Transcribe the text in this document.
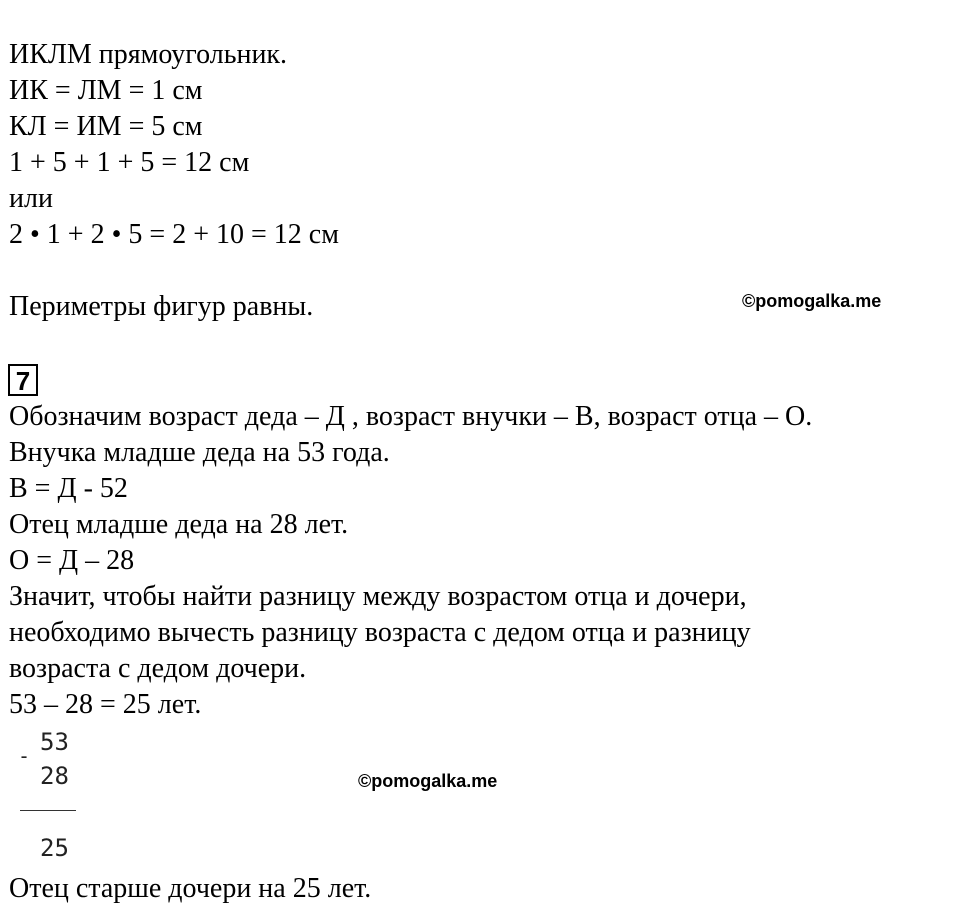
ИКЛМ прямоугольник.
ИК = ЛМ = 1 см
КЛ = ИМ = 5 см
1 + 5 + 1 + 5 = 12 см
или
2 • 1 + 2 • 5 = 2 + 10 = 12 см
Периметры фигур равны.	©pomogalka.me
7
Обозначим возраст деда – Д , возраст внучки – В, возраст отца – О.
Внучка младше деда на 53 года.
В = Д - 52
Отец младше деда на 28 лет.
О = Д – 28
Значит, чтобы найти разницу между возрастом отца и дочери,
необходимо вычесть разницу возраста с дедом отца и разницу
возраста с дедом дочери.
53 – 28 = 25 лет.
- 53
28
25
©pomogalka.me
Отец старше дочери на 25 лет.
